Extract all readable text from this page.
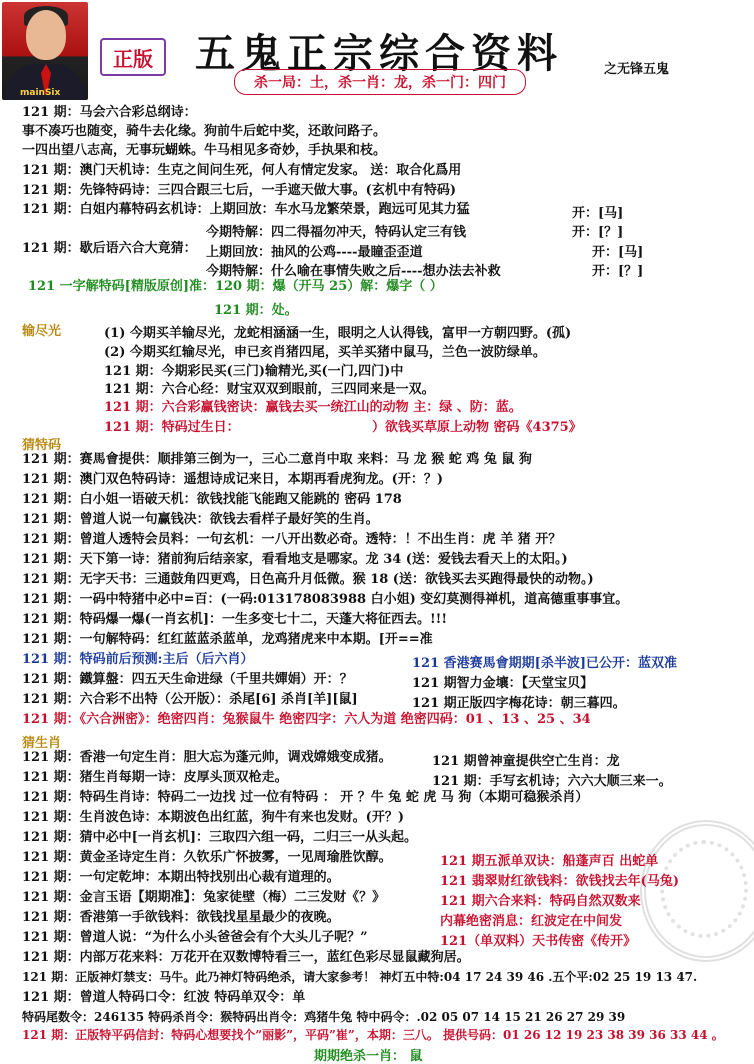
mainSix
正版	五鬼正宗综合资料	之无锋五鬼
杀一局：土，杀一肖：龙，杀一门：四门
121 期：马会六合彩总纲诗：
事不凑巧也随变，骑牛去化缘。狗前牛后蛇中奖，还敢问路子。
一四出望八志高，无事玩蝴蛛。牛马相见多奇妙，手执果和枝。
121 期：澳门天机诗：生克之间问生死，何人有情定发家。 送：取合化爲用
121 期：先锋特码诗：三四合跟三七后，一手遮天做大事。(玄机中有特码)
121 期：白姐内幕特码玄机诗：上期回放：车水马龙繁荣景，跑远可见其力猛	开：[马]
今期特解：四二得福勿冲天，特码认定三有钱	开：[？]
121 期：歇后语六合大竟猜： 上期回放：抽风的公鸡----最瞳歪歪道	开：[马]
今期特解：什么喻在事情失败之后----想办法去补救	开：[？]
121 一字解特码[精版原创]准：120 期：爆（开马 25）解：爆字（ ）
121 期：处。
输尽光	(1) 今期买羊输尽光，龙蛇相涵涵一生，眼明之人认得钱，富甲一方朝四野。(孤)
(2) 今期买红输尽光，申已亥肖猪四尾，买羊买猪中鼠马，兰色一波防绿单。
121 期：今期彩民买(三门)输精光,买(一门,四门)中
121 期：六合心经：财宝双双到眼前，三四同来是一双。
121 期：六合彩赢钱密诀：赢钱去买一统江山的动物 主：绿 、防：蓝。
121 期：特码过生日：	）欲钱买草原上动物 密码《4375》
猜特码
121 期：赛馬會提供：顺排第三倒为一，三心二意肖中取 来料：马 龙 猴 蛇 鸡 兔 鼠 狗
121 期：澳门双色特码诗：遥想诗成记来日，本期再看虎狗龙。(开：？)
121 期：白小姐一语破天机：欲钱找能飞能跑又能跳的 密码 178
121 期：曾道人说一句赢钱决：欲钱去看样子最好笑的生肖。
121 期：曾道人透特会员料：一句玄机：一八开出数必奇。透特：！不出生肖：虎 羊 猪 开？
121 期：天下第一诗：猪前狗后结亲家，看看地支是哪家。龙 34 (送：爱钱去看天上的太阳。)
121 期：无字天书：三通鼓角四更鸡，日色高升月低微。猴 18 (送：欲钱买去买跑得最快的动物。)
121 期：一码中特猪中必中=百：(一码:013178083988 白小姐) 变幻莫测得禅机，道高德重事事宜。
121 期：特码爆一爆(一肖玄机]：一生多变七十二，天蓬大将征西去。!!!
121 期：一句解特码：红红蓝蓝杀蓝单，龙鸡猪虎来中本期。[开==准
121 期：特码前后预测:主后（后六肖）	121 香港赛馬會期期[杀半波]已公开：蓝双准
121 期：鐵算盤：四五天生命进绿（千里共嬋娟）开：？	121 期智力金壤：【天堂宝贝】
121 期：六合彩不出特（公开版）：杀尾[6] 杀肖[羊][鼠]	121 期正版四字梅花诗：朝三暮四。
121 期：《六合洲密》：绝密四肖：兔猴鼠牛 绝密四字：六人为道 绝密四码：01 、13 、25 、34
猜生肖
121 期：香港一句定生肖：胆大忘为蓬元帅，调戏嫦娥变成猪。	121 期曾神童提供空亡生肖：龙
121 期：猪生肖每期一诗：皮厚头顶双枪走。	121 期：手写玄机诗；六六大顺三来一。
121 期：特码生肖诗：特码二一边找 过一位有特码 ： 开 ？牛 兔 蛇 虎 马 狗（本期可稳猴杀肖）
121 期：生肖波色诗：本期波色出红蓝，狗牛有来也发财。(开？)
121 期：猜中必中[一肖玄机]：三取四六组一码，二归三一从头起。
121 期：黄金圣诗定生肖：久钦乐广怀披雾，一见周瑜胜饮醇。	121 期五派单双诀：船蓬声百 出蛇单
121 期：一句定乾坤：本期出特找别出心裁有道理的。	121 翡翠财红欲钱料：欲钱找去年(马兔)
121 期：金言玉语【期期准】：兔家徒壁（梅）二三发财《？》	121 期六合来料：特码自然双数来
121 期：香港第一手欲钱料：欲钱找星星最少的夜晚。	内幕绝密消息：红波定在中间发
121 期：曾道人说：“为什么小头爸爸会有个大头儿子呢？”	121（单双料）天书传密《传开》
121 期：内部万花来料：万花开在双数博特看三一，蓝红色彩尽显鼠藏狗居。
121 期：正版神灯禁支：马牛。此乃神灯特码绝杀，请大家参考！ 神灯五中特:04 17 24 39 46 .五个平:02 25 19 13 47.
121 期：曾道人特码口令：红波 特码单双令：单
特码尾数令：246135 特码杀肖令：猴特码出肖令：鸡猪牛兔 特中码令：.02 05 07 14 15 21 26 27 29 39
121 期：正版特平码信封：特码心想要找个”丽影”，平码”崔”，本期：三八。 提供号码：01 26 12 19 23 38 39 36 33 44 。
期期绝杀一肖： 鼠
